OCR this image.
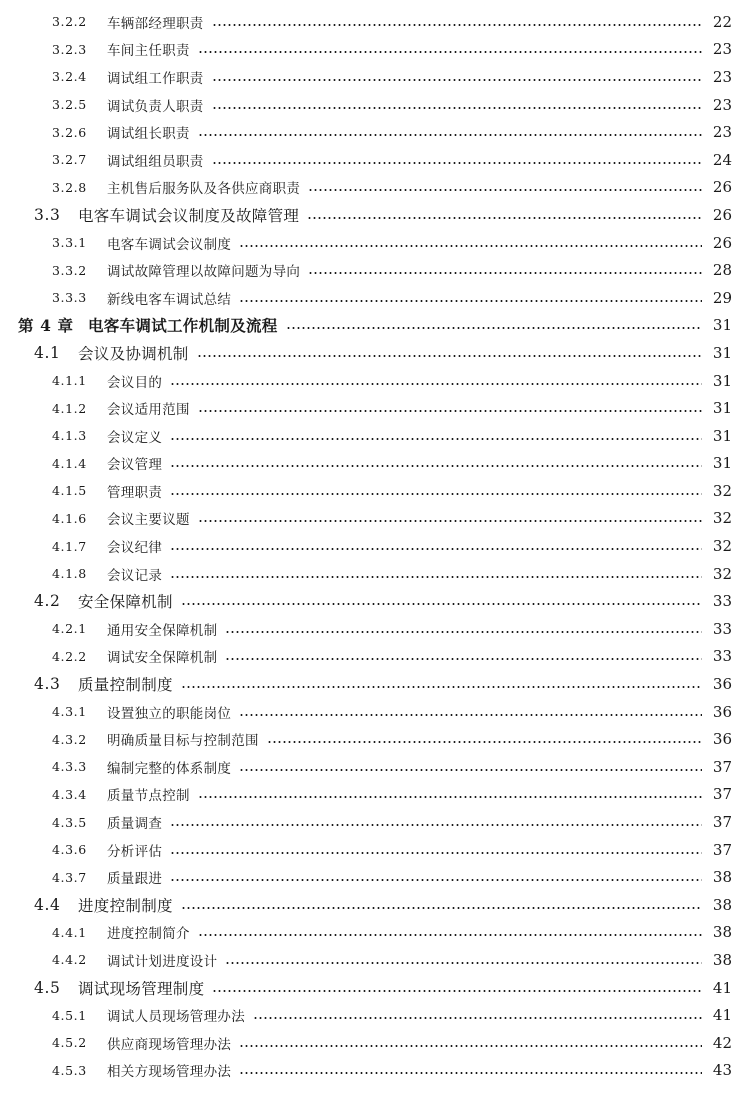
3.2.2	车辆部经理职责	22
3.2.3	车间主任职责	23
3.2.4	调试组工作职责	23
3.2.5	调试负责人职责	23
3.2.6	调试组长职责	23
3.2.7	调试组组员职责	24
3.2.8	主机售后服务队及各供应商职责	26
3.3	电客车调试会议制度及故障管理	26
3.3.1	电客车调试会议制度	26
3.3.2	调试故障管理以故障问题为导向	28
3.3.3	新线电客车调试总结	29
第 4 章 电客车调试工作机制及流程	31
4.1	会议及协调机制	31
4.1.1	会议目的	31
4.1.2	会议适用范围	31
4.1.3	会议定义	31
4.1.4	会议管理	31
4.1.5	管理职责	32
4.1.6	会议主要议题	32
4.1.7	会议纪律	32
4.1.8	会议记录	32
4.2	安全保障机制	33
4.2.1	通用安全保障机制	33
4.2.2	调试安全保障机制	33
4.3	质量控制制度	36
4.3.1	设置独立的职能岗位	36
4.3.2	明确质量目标与控制范围	36
4.3.3	编制完整的体系制度	37
4.3.4	质量节点控制	37
4.3.5	质量调查	37
4.3.6	分析评估	37
4.3.7	质量跟进	38
4.4	进度控制制度	38
4.4.1	进度控制简介	38
4.4.2	调试计划进度设计	38
4.5	调试现场管理制度	41
4.5.1	调试人员现场管理办法	41
4.5.2	供应商现场管理办法	42
4.5.3	相关方现场管理办法	43
